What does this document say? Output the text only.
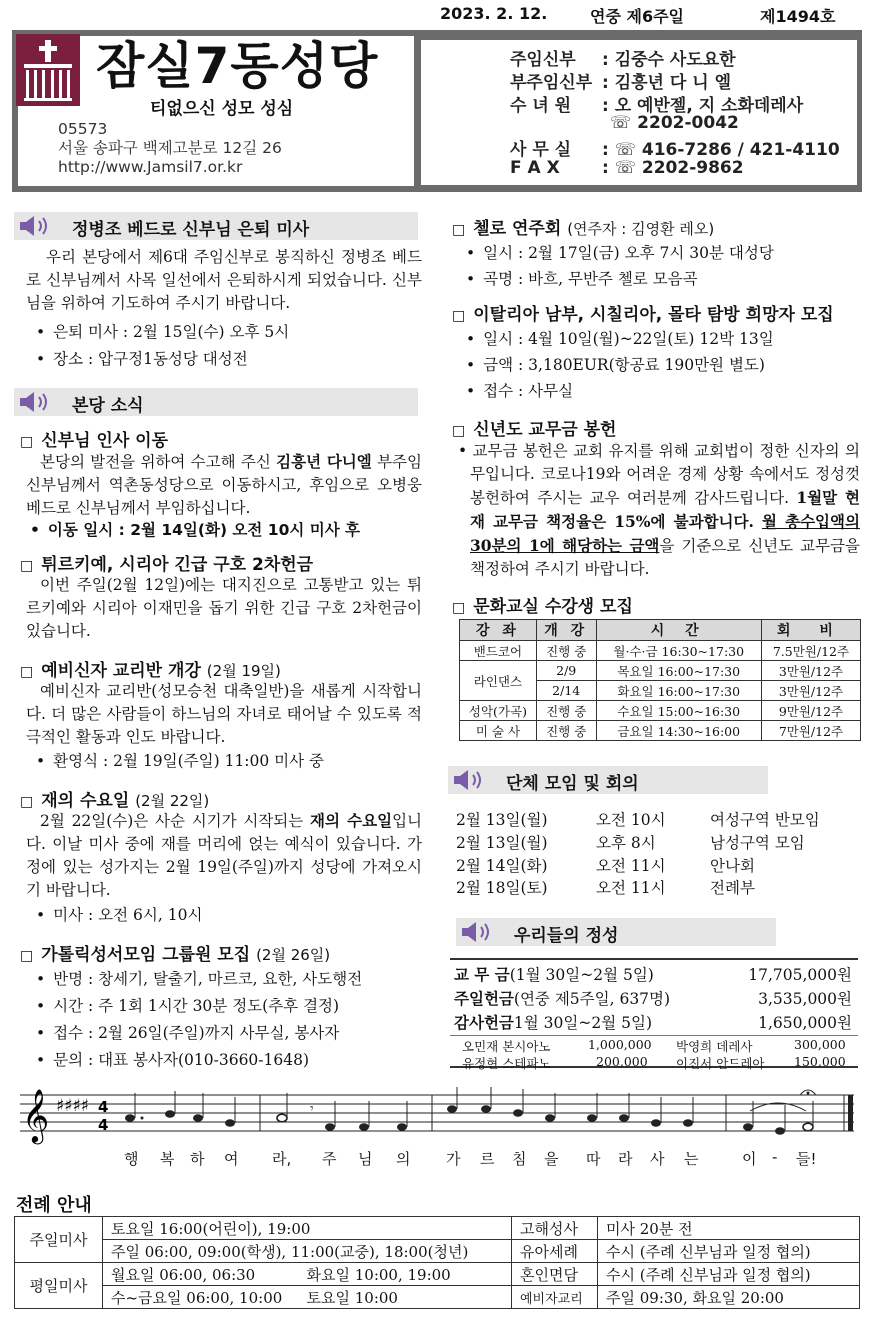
2023. 2. 12.	연중 제6주일	제1494호
잠실7동성당
티없으신 성모 성심
05573
서울 송파구 백제고분로 12길 26
http://www.Jamsil7.or.kr
주임신부 : 김중수 사도요한
부주임신부 : 김흥년 다 니 엘
수 녀 원 : 오 예반젤, 지 소화데레사
☏ 2202-0042
사 무 실 : ☏ 416-7286 / 421-4110
F A X : ☏ 2202-9862
정병조 베드로 신부님 은퇴 미사
우리 본당에서 제6대 주임신부로 봉직하신 정병조 베드로 신부님께서 사목 일선에서 은퇴하시게 되었습니다. 신부님을 위하여 기도하여 주시기 바랍니다.
• 은퇴 미사 : 2월 15일(수) 오후 5시
• 장소 : 압구정1동성당 대성전
본당 소식
□ 신부님 인사 이동
본당의 발전을 위하여 수고해 주신 김흥년 다니엘 부주임신부님께서 역촌동성당으로 이동하시고, 후임으로 오병웅 베드로 신부님께서 부임하십니다.
• 이동 일시 : 2월 14일(화) 오전 10시 미사 후
□ 튀르키예, 시리아 긴급 구호 2차헌금
이번 주일(2월 12일)에는 대지진으로 고통받고 있는 튀르키예와 시리아 이재민을 돕기 위한 긴급 구호 2차헌금이 있습니다.
□ 예비신자 교리반 개강 (2월 19일)
예비신자 교리반(성모승천 대축일반)을 새롭게 시작합니다. 더 많은 사람들이 하느님의 자녀로 태어날 수 있도록 적극적인 활동과 인도 바랍니다.
• 환영식 : 2월 19일(주일) 11:00 미사 중
□ 재의 수요일 (2월 22일)
2월 22일(수)은 사순 시기가 시작되는 재의 수요일입니다. 이날 미사 중에 재를 머리에 얹는 예식이 있습니다. 가정에 있는 성가지는 2월 19일(주일)까지 성당에 가져오시기 바랍니다.
• 미사 : 오전 6시, 10시
□ 가톨릭성서모임 그룹원 모집 (2월 26일)
• 반명 : 창세기, 탈출기, 마르코, 요한, 사도행전
• 시간 : 주 1회 1시간 30분 정도(추후 결정)
• 접수 : 2월 26일(주일)까지 사무실, 봉사자
• 문의 : 대표 봉사자(010-3660-1648)
□ 첼로 연주회 (연주자 : 김영환 레오)
• 일시 : 2월 17일(금) 오후 7시 30분 대성당
• 곡명 : 바흐, 무반주 첼로 모음곡
□ 이탈리아 남부, 시칠리아, 몰타 탐방 희망자 모집
• 일시 : 4월 10일(월)~22일(토) 12박 13일
• 금액 : 3,180EUR(항공료 190만원 별도)
• 접수 : 사무실
□ 신년도 교무금 봉헌
• 교무금 봉헌은 교회 유지를 위해 교회법이 정한 신자의 의무입니다. 코로나19와 어려운 경제 상황 속에서도 정성껏 봉헌하여 주시는 교우 여러분께 감사드립니다. 1월말 현재 교무금 책정율은 15%에 불과합니다. 월 총수입액의 30분의 1에 해당하는 금액을 기준으로 신년도 교무금을 책정하여 주시기 바랍니다.
□ 문화교실 수강생 모집
강 좌	개 강	시 간	회 비
밴드코어	진행 중	월·수·금 16:30~17:30	7.5만원/12주
라인댄스	2/9	목요일 16:00~17:30	3만원/12주
	2/14	화요일 16:00~17:30	3만원/12주
성악(가곡)	진행 중	수요일 15:00~16:30	9만원/12주
미 술 사	진행 중	금요일 14:30~16:00	7만원/12주
단체 모임 및 회의
2월 13일(월)	오전 10시	여성구역 반모임
2월 13일(월)	오후 8시	남성구역 모임
2월 14일(화)	오전 11시	안나회
2월 18일(토)	오전 11시	전례부
우리들의 정성
교 무 금(1월 30일~2월 5일)	17,705,000원
주일헌금(연중 제5주일, 637명)	3,535,000원
감사헌금1월 30일~2월 5일)	1,650,000원
오민재 본시아노	1,000,000 박영희 데레사	300,000
유정현 스테파노	200,000 이진서 안드레아 150,000
𝄞 ♯♯♯♯ 4
4
𝄾
행 복 하 여 라, 주 님 의 가 르 침 을 따 라 사 는	이 - 들!
전례 안내
주일미사	토요일 16:00(어린이), 19:00		고해성사	미사 20분 전
	주일 06:00, 09:00(학생), 11:00(교중), 18:00(청년)		유아세례	수시 (주례 신부님과 일정 협의)
평일미사	월요일 06:00, 06:30	화요일 10:00, 19:00	혼인면담	수시 (주례 신부님과 일정 협의)
	수~금요일 06:00, 10:00	토요일 10:00	예비자교리	주일 09:30, 화요일 20:00
